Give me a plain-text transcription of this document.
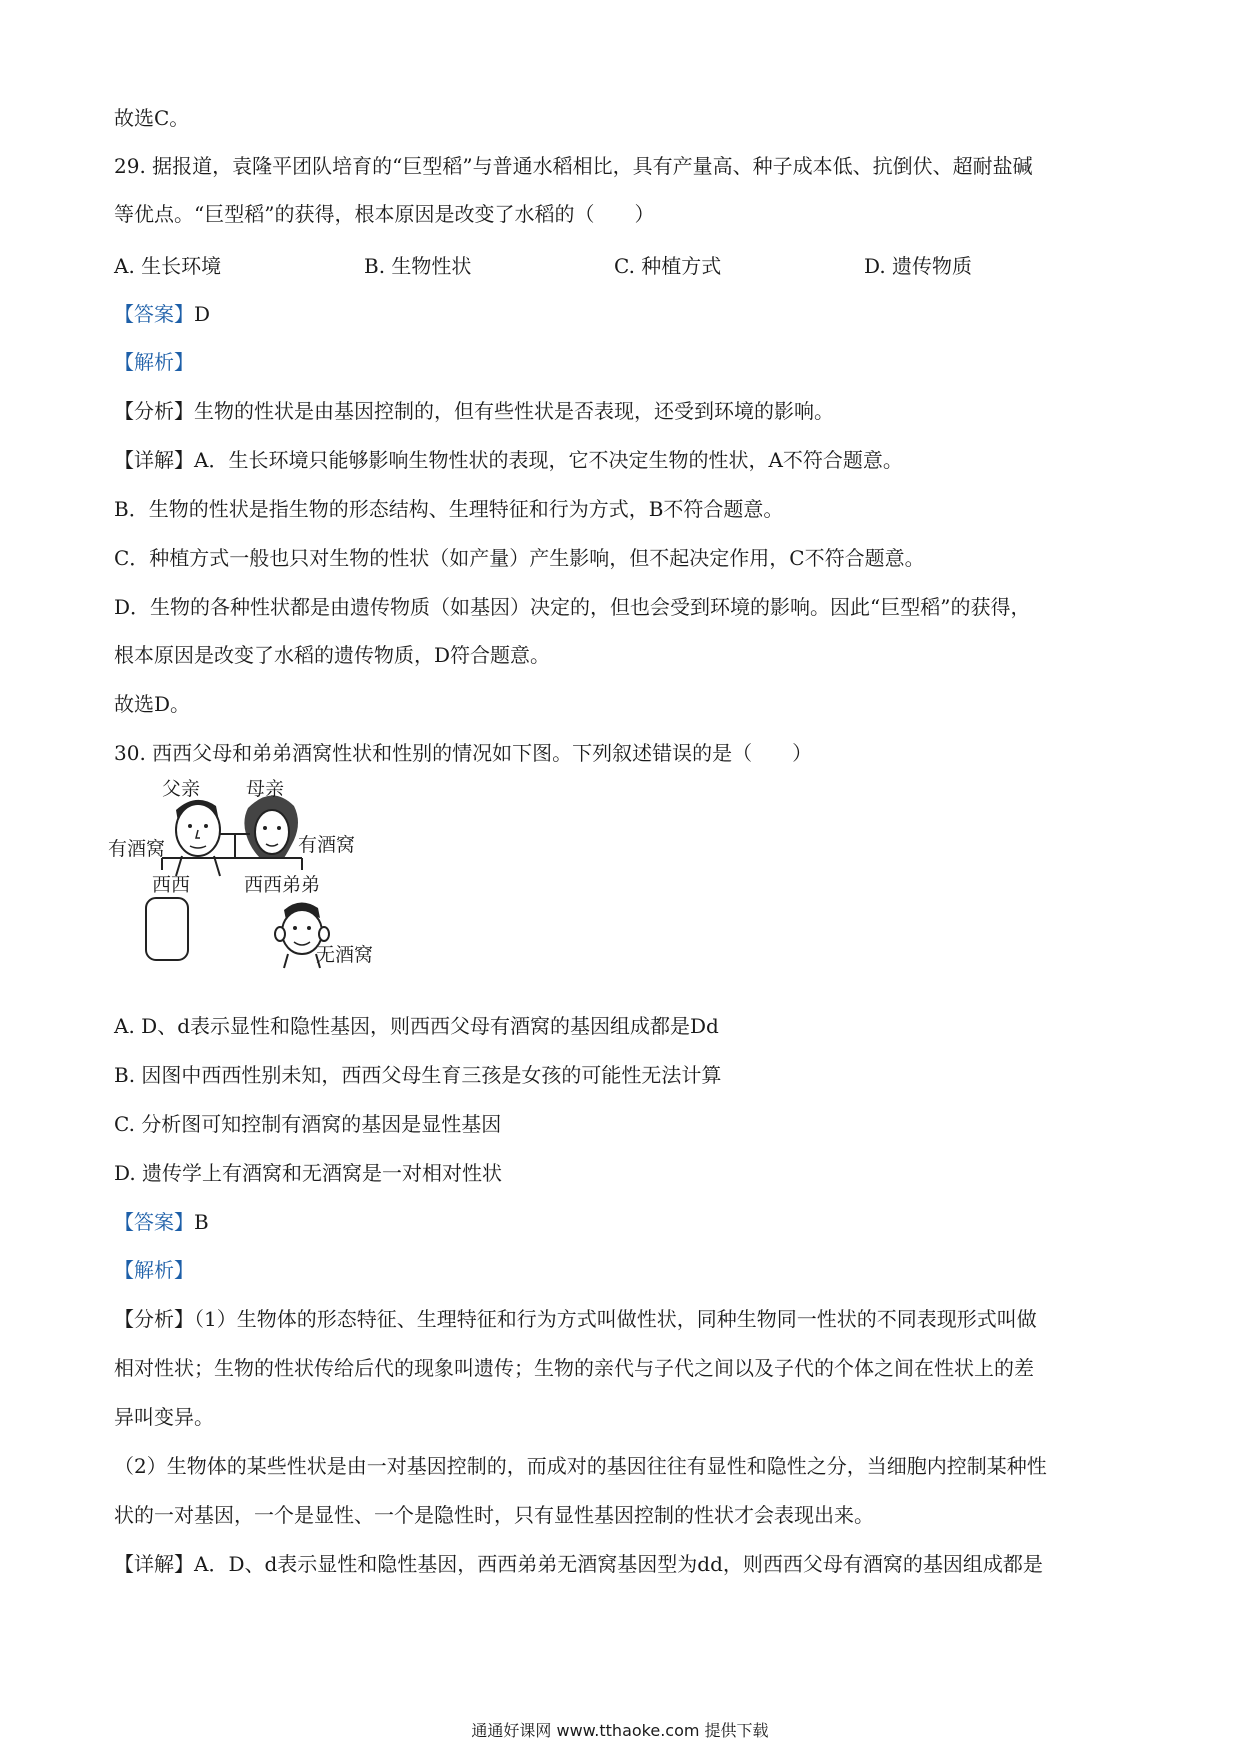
故选C。
29. 据报道，袁隆平团队培育的“巨型稻”与普通水稻相比，具有产量高、种子成本低、抗倒伏、超耐盐碱
等优点。“巨型稻”的获得，根本原因是改变了水稻的（　　）
A. 生长环境	B. 生物性状	C. 种植方式	D. 遗传物质
【答案】D
【解析】
【分析】生物的性状是由基因控制的，但有些性状是否表现，还受到环境的影响。
【详解】A．生长环境只能够影响生物性状的表现，它不决定生物的性状，A不符合题意。
B．生物的性状是指生物的形态结构、生理特征和行为方式，B不符合题意。
C．种植方式一般也只对生物的性状（如产量）产生影响，但不起决定作用，C不符合题意。
D．生物的各种性状都是由遗传物质（如基因）决定的，但也会受到环境的影响。因此“巨型稻”的获得，
根本原因是改变了水稻的遗传物质，D符合题意。
故选D。
30. 西西父母和弟弟酒窝性状和性别的情况如下图。下列叙述错误的是（　　）
父亲 母亲
有酒窝	有酒窝
西西	西西弟弟
无酒窝
A. D、d表示显性和隐性基因，则西西父母有酒窝的基因组成都是Dd
B. 因图中西西性别未知，西西父母生育三孩是女孩的可能性无法计算
C. 分析图可知控制有酒窝的基因是显性基因
D. 遗传学上有酒窝和无酒窝是一对相对性状
【答案】B
【解析】
【分析】（1）生物体的形态特征、生理特征和行为方式叫做性状，同种生物同一性状的不同表现形式叫做
相对性状；生物的性状传给后代的现象叫遗传；生物的亲代与子代之间以及子代的个体之间在性状上的差
异叫变异。
（2）生物体的某些性状是由一对基因控制的，而成对的基因往往有显性和隐性之分，当细胞内控制某种性
状的一对基因，一个是显性、一个是隐性时，只有显性基因控制的性状才会表现出来。
【详解】A．D、d表示显性和隐性基因，西西弟弟无酒窝基因型为dd，则西西父母有酒窝的基因组成都是
通通好课网 www.tthaoke.com 提供下载
